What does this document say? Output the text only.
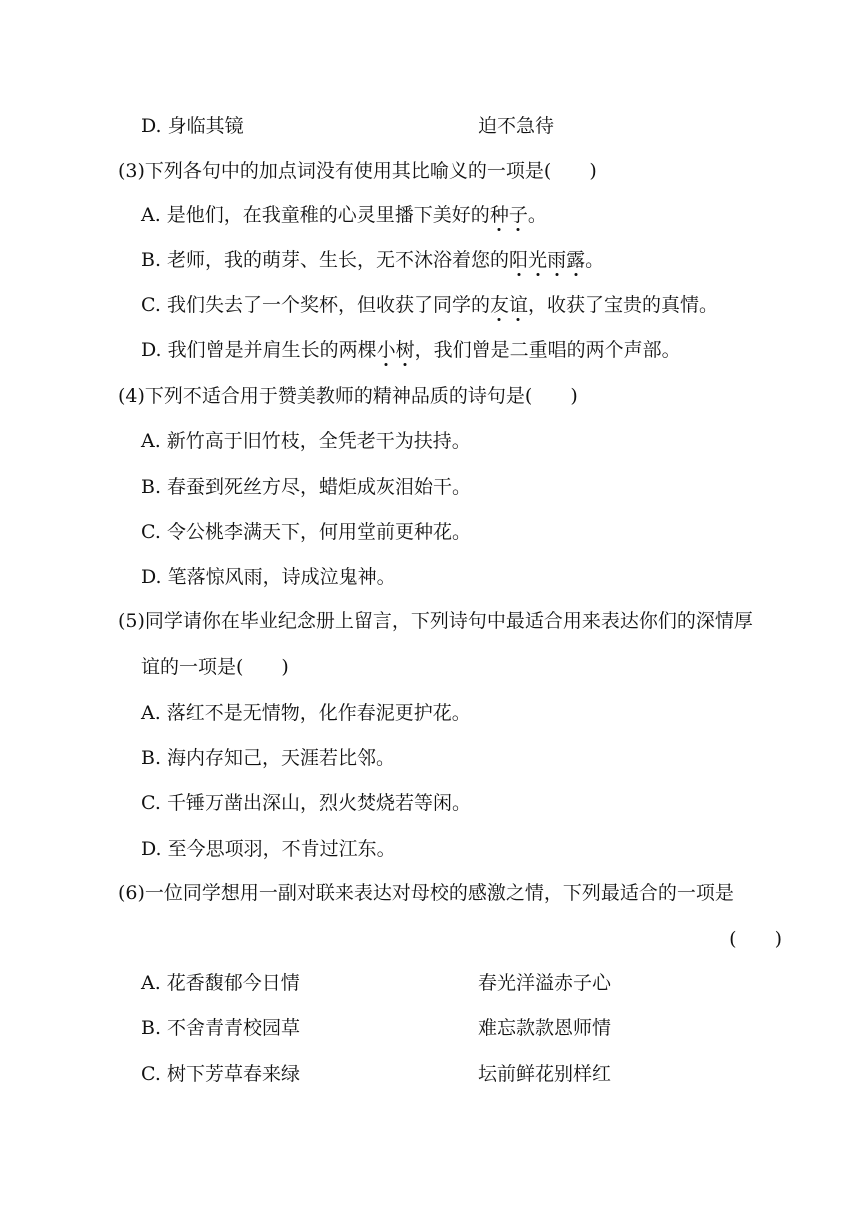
D. 身临其镜	迫不急待
(3)下列各句中的加点词没有使用其比喻义的一项是(　　)
A. 是他们，在我童稚的心灵里播下美好的种子。
B. 老师，我的萌芽、生长，无不沐浴着您的阳光雨露。
C. 我们失去了一个奖杯，但收获了同学的友谊，收获了宝贵的真情。
D. 我们曾是并肩生长的两棵小树，我们曾是二重唱的两个声部。
(4)下列不适合用于赞美教师的精神品质的诗句是(　　)
A. 新竹高于旧竹枝，全凭老干为扶持。
B. 春蚕到死丝方尽，蜡炬成灰泪始干。
C. 令公桃李满天下，何用堂前更种花。
D. 笔落惊风雨，诗成泣鬼神。
(5)同学请你在毕业纪念册上留言，下列诗句中最适合用来表达你们的深情厚
谊的一项是(　　)
A. 落红不是无情物，化作春泥更护花。
B. 海内存知己，天涯若比邻。
C. 千锤万凿出深山，烈火焚烧若等闲。
D. 至今思项羽，不肯过江东。
(6)一位同学想用一副对联来表达对母校的感激之情，下列最适合的一项是
(　　)
A. 花香馥郁今日情	春光洋溢赤子心
B. 不舍青青校园草	难忘款款恩师情
C. 树下芳草春来绿	坛前鲜花别样红
